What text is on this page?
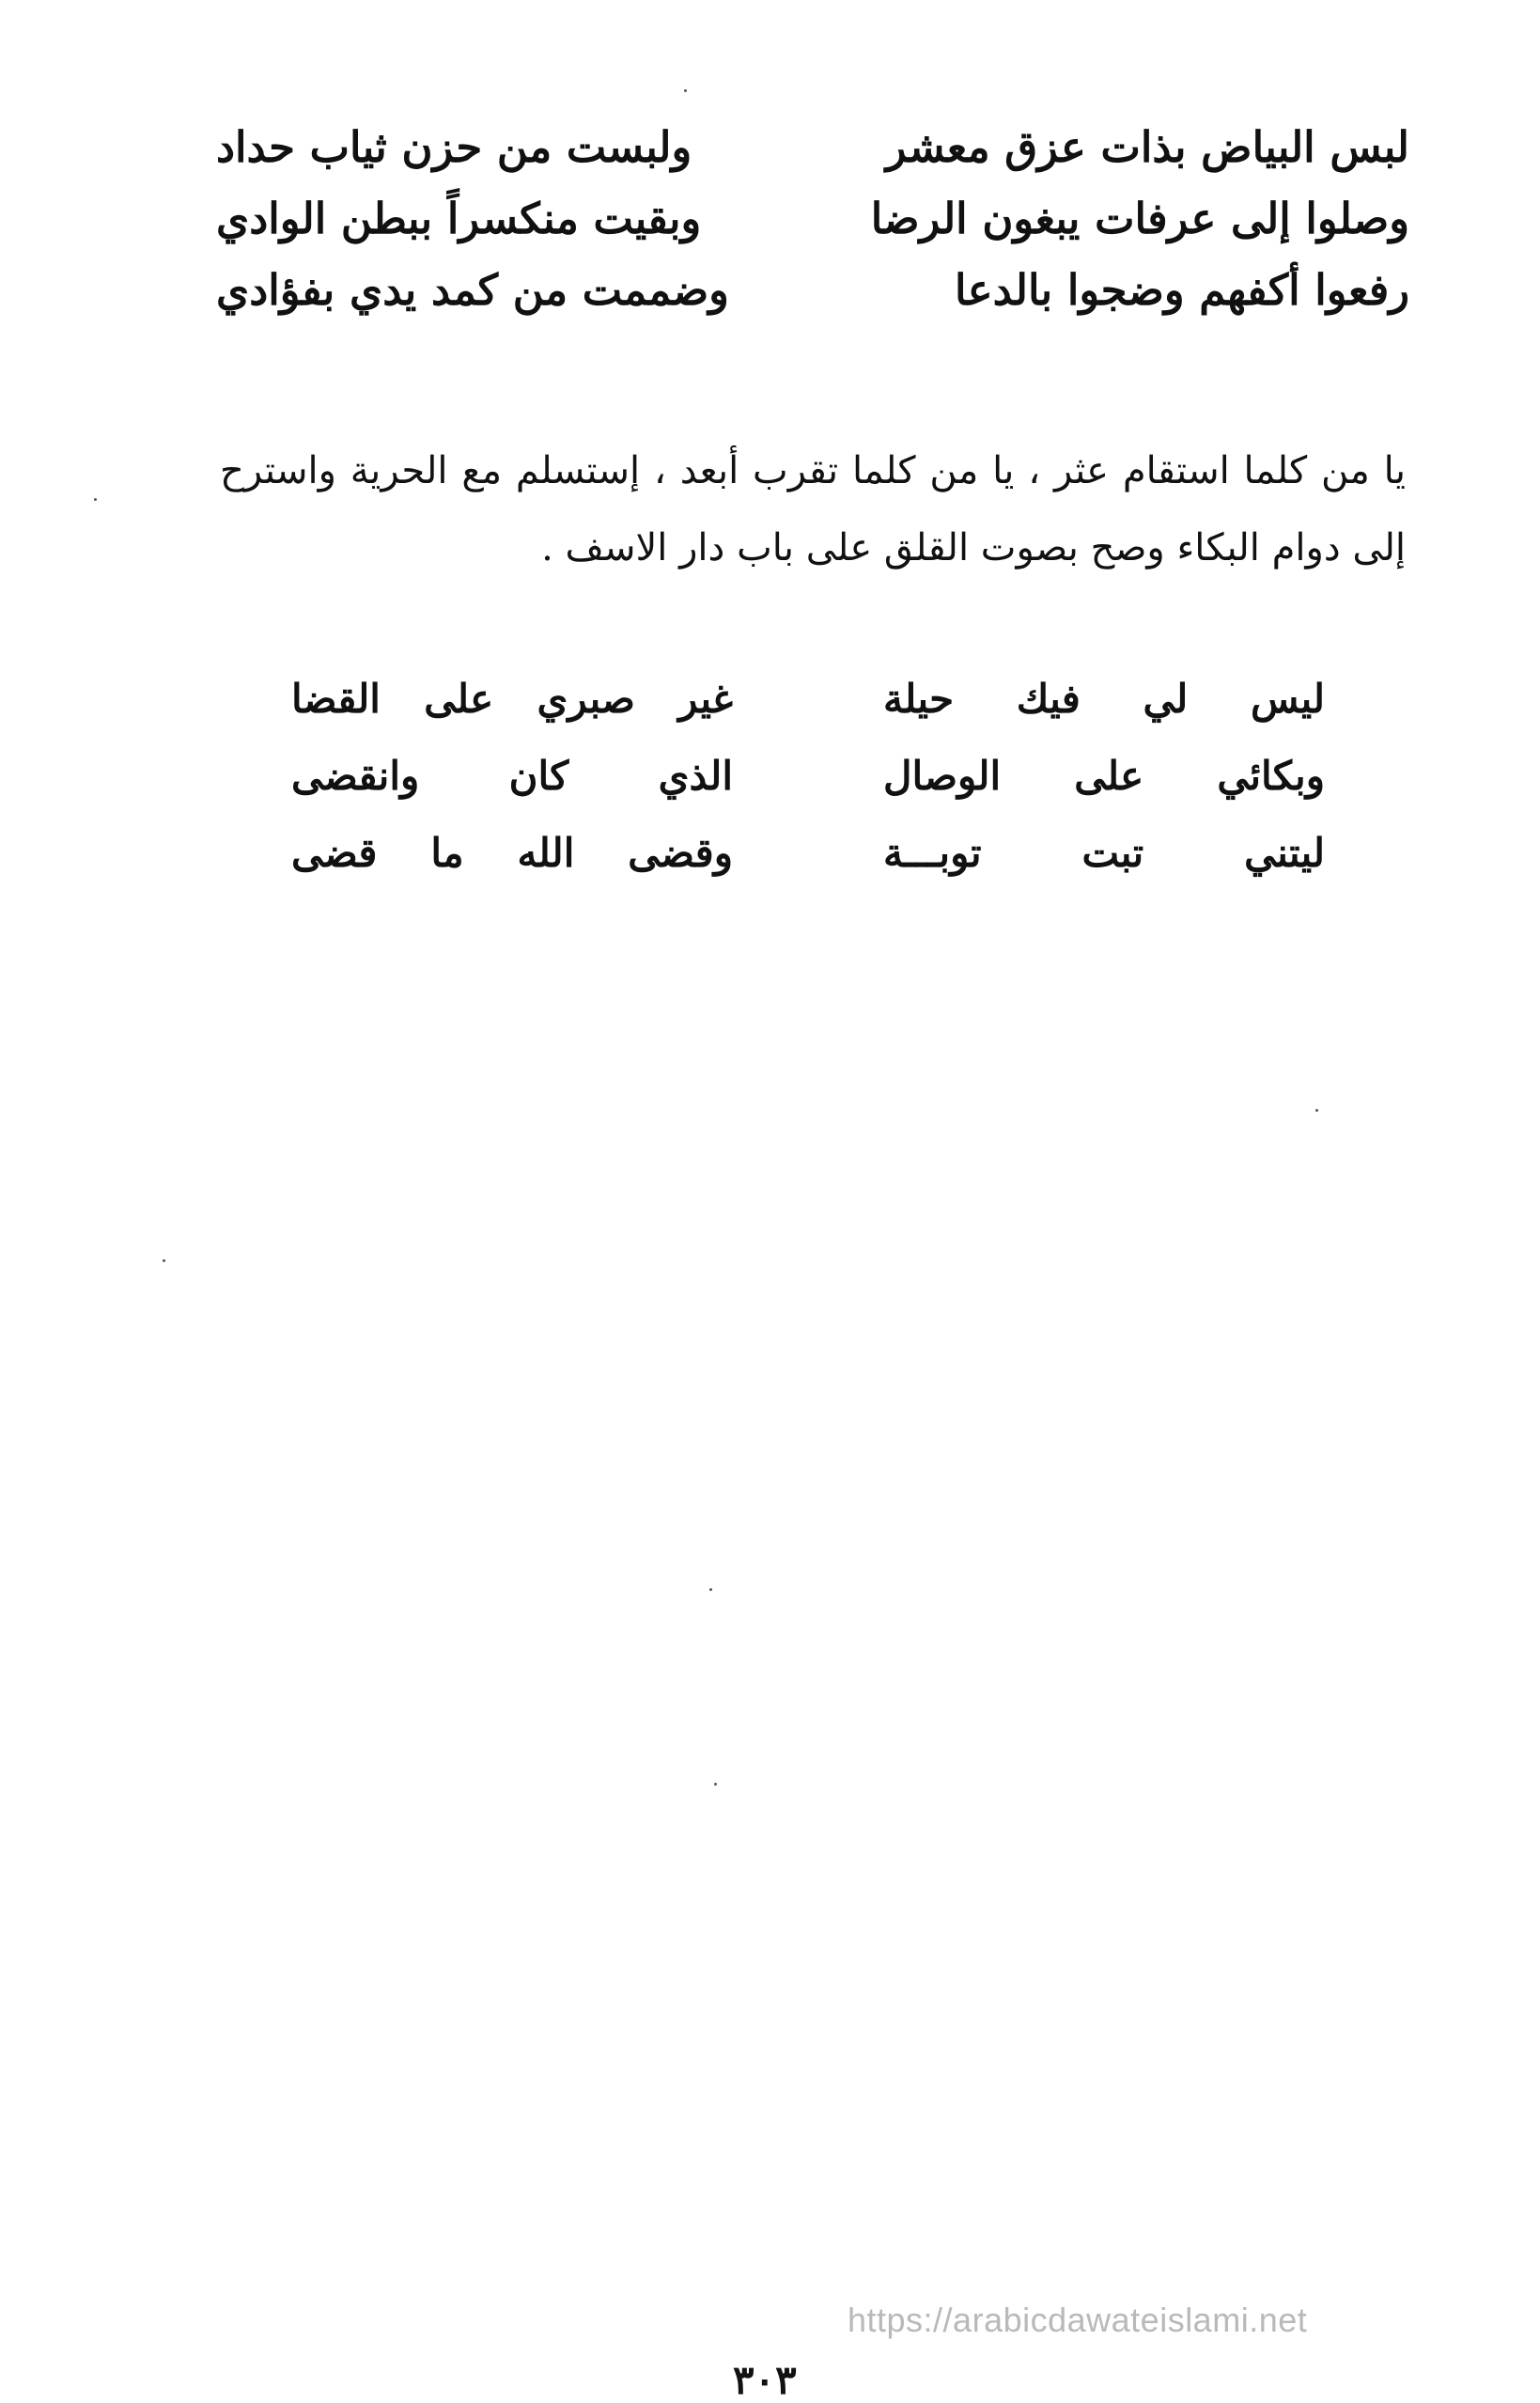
لبس البياض بذات عزق معشر
ولبست من حزن ثياب حداد
وصلوا إلى عرفات يبغون الرضا
وبقيت منكسراً ببطن الوادي
رفعوا أكفهم وضجوا بالدعا
وضممت من كمد يدي بفؤادي

يا من كلما استقام عثر ، يا من كلما تقرب أبعد ، إستسلم مع الحرية واسترح إلى دوام البكاء وصح بصوت القلق على باب دار الاسف .

ليس لي فيك حيلة
غير صبري على القضا
وبكائي على الوصال
الذي كان وانقضى
ليتني تبت توبـــة
وقضى الله ما قضى
https://arabicdawateislami.net
٣٠٣
